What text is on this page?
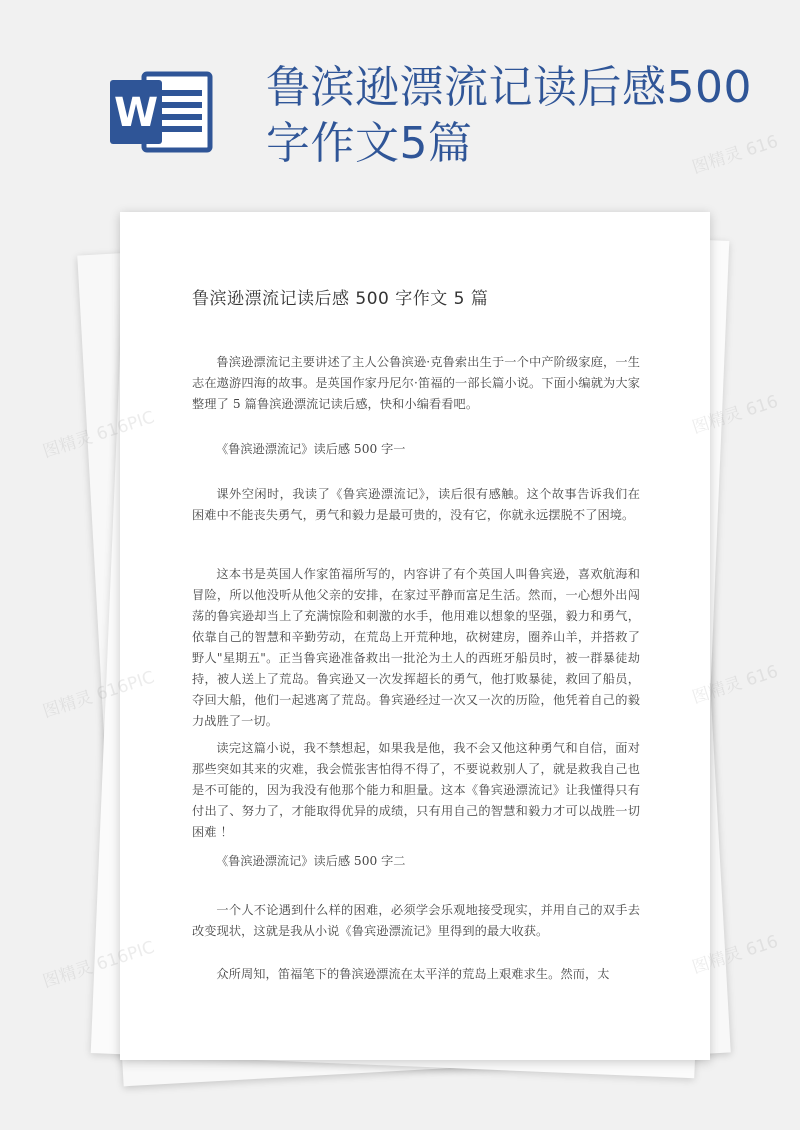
W 鲁滨逊漂流记读后感500字作文5篇
鲁滨逊漂流记读后感 500 字作文 5 篇

鲁滨逊漂流记主要讲述了主人公鲁滨逊·克鲁索出生于一个中产阶级家庭，一生志在遨游四海的故事。是英国作家丹尼尔·笛福的一部长篇小说。下面小编就为大家整理了 5 篇鲁滨逊漂流记读后感，快和小编看看吧。

《鲁滨逊漂流记》读后感 500 字一

课外空闲时，我读了《鲁宾逊漂流记》，读后很有感触。这个故事告诉我们在困难中不能丧失勇气，勇气和毅力是最可贵的，没有它，你就永远摆脱不了困境。

这本书是英国人作家笛福所写的，内容讲了有个英国人叫鲁宾逊，喜欢航海和冒险，所以他没听从他父亲的安排，在家过平静而富足生活。然而，一心想外出闯荡的鲁宾逊却当上了充满惊险和刺激的水手，他用难以想象的坚强，毅力和勇气，依靠自己的智慧和辛勤劳动，在荒岛上开荒种地，砍树建房，圈养山羊，并搭救了野人"星期五"。正当鲁宾逊准备救出一批沦为土人的西班牙船员时，被一群暴徒劫持，被人送上了荒岛。鲁宾逊又一次发挥超长的勇气，他打败暴徒，救回了船员，夺回大船，他们一起逃离了荒岛。鲁宾逊经过一次又一次的历险，他凭着自己的毅力战胜了一切。

读完这篇小说，我不禁想起，如果我是他，我不会又他这种勇气和自信，面对那些突如其来的灾难，我会慌张害怕得不得了，不要说救别人了，就是救我自己也是不可能的，因为我没有他那个能力和胆量。这本《鲁宾逊漂流记》让我懂得只有付出了、努力了，才能取得优异的成绩，只有用自己的智慧和毅力才可以战胜一切困难 ！

《鲁滨逊漂流记》读后感 500 字二

一个人不论遇到什么样的困难，必须学会乐观地接受现实，并用自己的双手去改变现状，这就是我从小说《鲁宾逊漂流记》里得到的最大收获。

众所周知，笛福笔下的鲁滨逊漂流在太平洋的荒岛上艰难求生。然而，太

图精灵
图精灵 616
图精灵 616PIC	图精灵 616
图精灵	图精灵 616
图精灵 616
